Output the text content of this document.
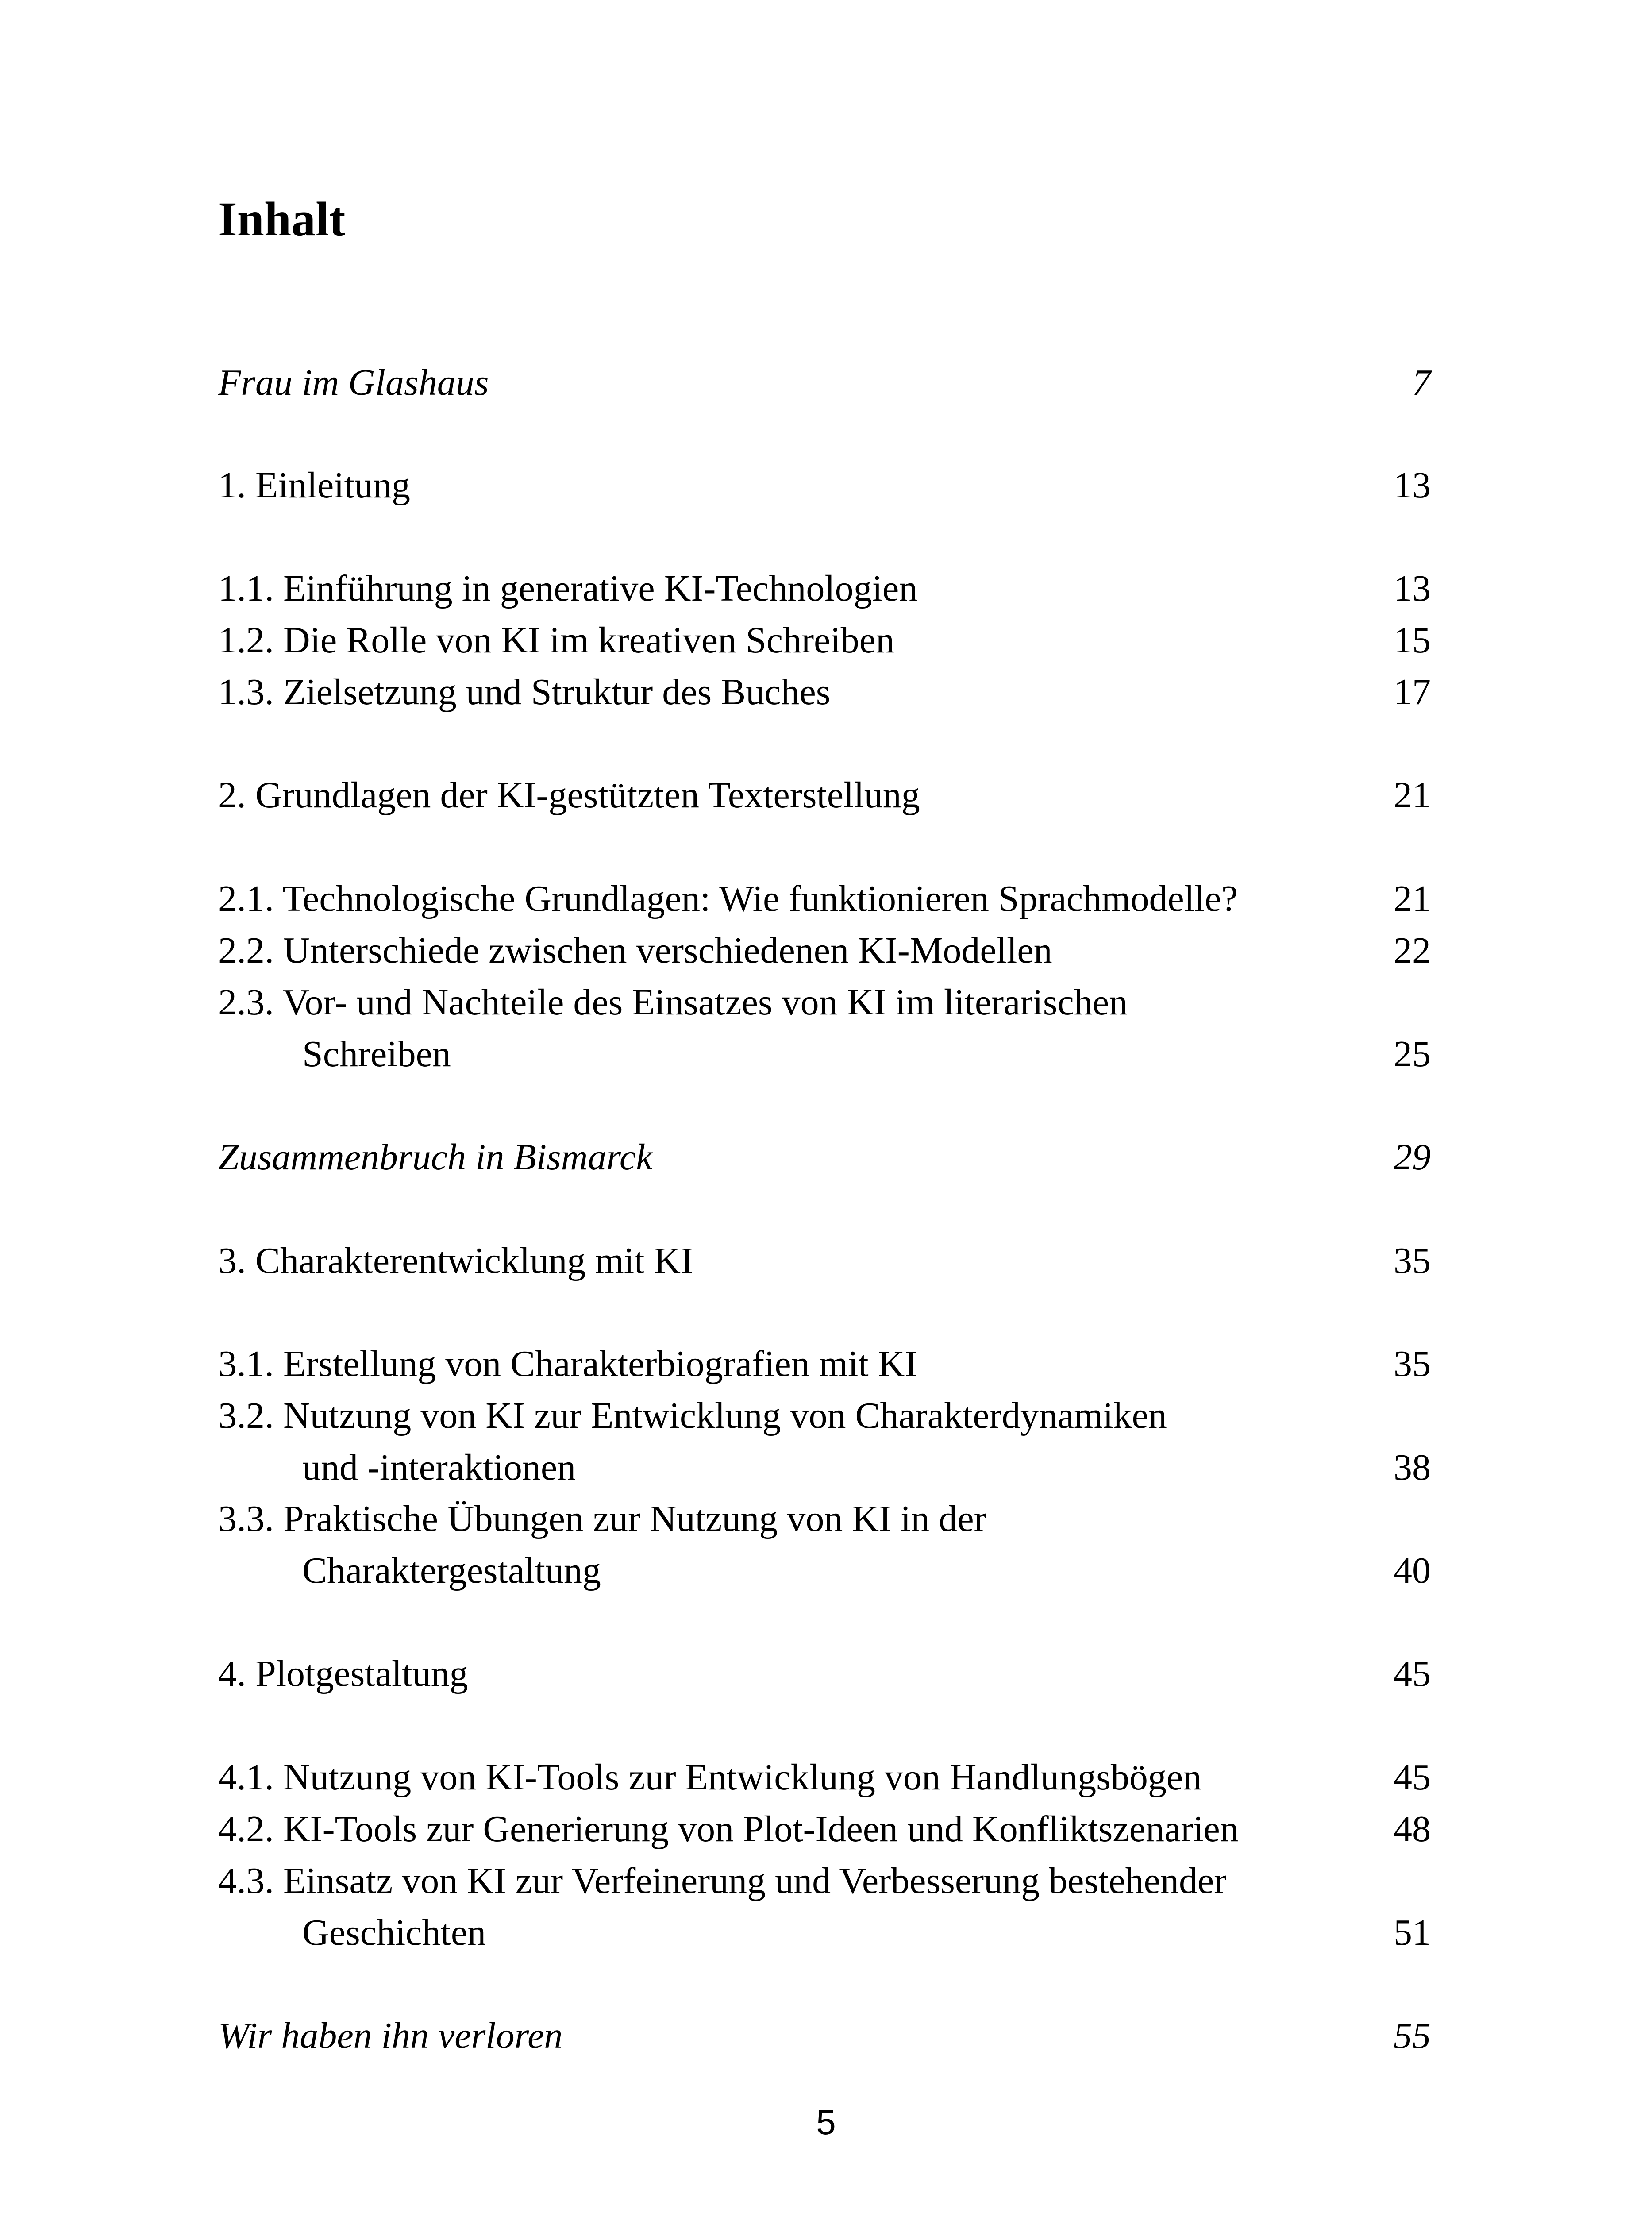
Inhalt
Frau im Glashaus	7
1. Einleitung	13
1.1. Einführung in generative KI-Technologien	13
1.2. Die Rolle von KI im kreativen Schreiben	15
1.3. Zielsetzung und Struktur des Buches	17
2. Grundlagen der KI-gestützten Texterstellung	21
2.1. Technologische Grundlagen: Wie funktionieren Sprachmodelle?	21
2.2. Unterschiede zwischen verschiedenen KI-Modellen	22
2.3. Vor- und Nachteile des Einsatzes von KI im literarischen
Schreiben	25
Zusammenbruch in Bismarck	29
3. Charakterentwicklung mit KI	35
3.1. Erstellung von Charakterbiografien mit KI	35
3.2. Nutzung von KI zur Entwicklung von Charakterdynamiken
und -interaktionen	38
3.3. Praktische Übungen zur Nutzung von KI in der
Charaktergestaltung	40
4. Plotgestaltung	45
4.1. Nutzung von KI-Tools zur Entwicklung von Handlungsbögen	45
4.2. KI-Tools zur Generierung von Plot-Ideen und Konfliktszenarien	48
4.3. Einsatz von KI zur Verfeinerung und Verbesserung bestehender
Geschichten	51
Wir haben ihn verloren	55
5
